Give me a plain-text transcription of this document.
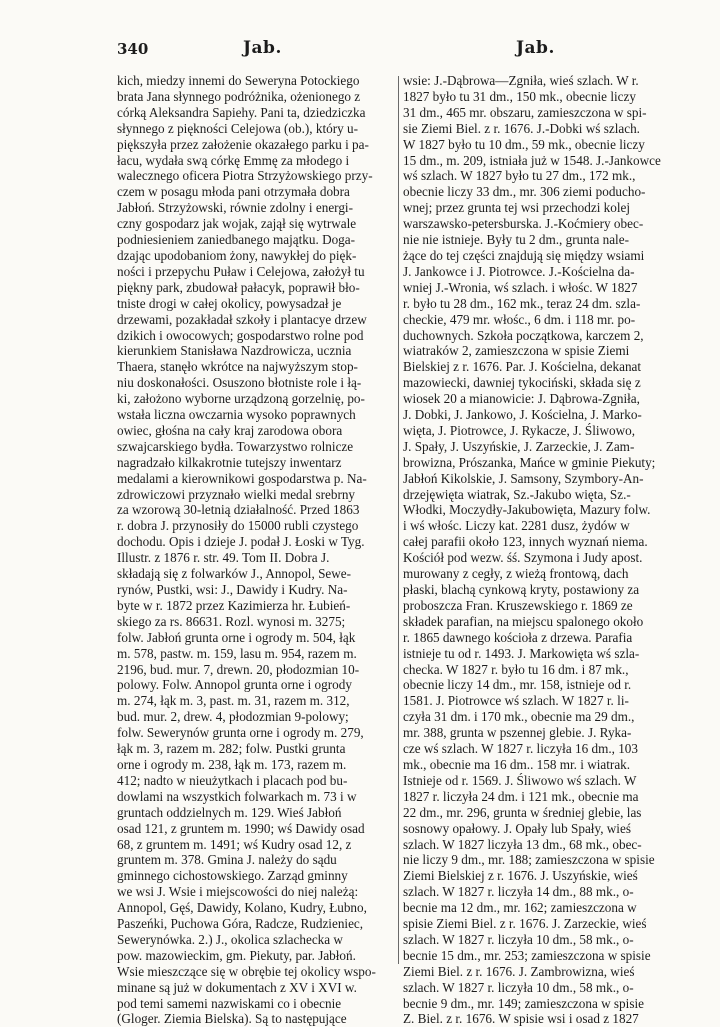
340	Jab.	Jab.
kich, miedzy innemi do Seweryna Potockiego
brata Jana słynnego podróżnika, ożenionego z
córką Aleksandra Sapiehy. Pani ta, dziedziczka
słynnego z piękności Celejowa (ob.), który u-
piększyła przez założenie okazałego parku i pa-
łacu, wydała swą córkę Emmę za młodego i
walecznego oficera Piotra Strzyżowskiego przy-
czem w posagu młoda pani otrzymała dobra
Jabłoń. Strzyżowski, równie zdolny i energi-
czny gospodarz jak wojak, zajął się wytrwale
podniesieniem zaniedbanego majątku. Doga-
dzając upodobaniom żony, nawykłej do pięk-
ności i przepychu Puław i Celejowa, założył tu
piękny park, zbudował pałacyk, poprawił bło-
tniste drogi w całej okolicy, powysadzał je
drzewami, pozakładał szkoły i plantacye drzew
dzikich i owocowych; gospodarstwo rolne pod
kierunkiem Stanisława Nazdrowicza, ucznia
Thaera, stanęło wkrótce na najwyższym stop-
niu doskonałości. Osuszono błotniste role i łą-
ki, założono wyborne urządzoną gorzelnię, po-
wstała liczna owczarnia wysoko poprawnych
owiec, głośna na cały kraj zarodowa obora
szwajcarskiego bydła. Towarzystwo rolnicze
nagradzało kilkakrotnie tutejszy inwentarz
medalami a kierownikowi gospodarstwa p. Na-
zdrowiczowi przyznało wielki medal srebrny
za wzorową 30-letnią działalność. Przed 1863
r. dobra J. przynosiły do 15000 rubli czystego
dochodu. Opis i dzieje J. podał J. Łoski w Tyg.
Illustr. z 1876 r. str. 49. Tom II. Dobra J.
składają się z folwarków J., Annopol, Sewe-
rynów, Pustki, wsi: J., Dawidy i Kudry. Na-
byte w r. 1872 przez Kazimierza hr. Łubień-
skiego za rs. 86631. Rozl. wynosi m. 3275;
folw. Jabłoń grunta orne i ogrody m. 504, łąk
m. 578, pastw. m. 159, lasu m. 954, razem m.
2196, bud. mur. 7, drewn. 20, płodozmian 10-
polowy. Folw. Annopol grunta orne i ogrody
m. 274, łąk m. 3, past. m. 31, razem m. 312,
bud. mur. 2, drew. 4, płodozmian 9-polowy;
folw. Sewerynów grunta orne i ogrody m. 279,
łąk m. 3, razem m. 282; folw. Pustki grunta
orne i ogrody m. 238, łąk m. 173, razem m.
412; nadto w nieużytkach i placach pod bu-
dowlami na wszystkich folwarkach m. 73 i w
gruntach oddzielnych m. 129. Wieś Jabłoń
osad 121, z gruntem m. 1990; wś Dawidy osad
68, z gruntem m. 1491; wś Kudry osad 12, z
gruntem m. 378. Gmina J. należy do sądu
gminnego cichostowskiego. Zarząd gminny
we wsi J. Wsie i miejscowości do niej należą:
Annopol, Gęś, Dawidy, Kolano, Kudry, Łubno,
Paszeńki, Puchowa Góra, Radcze, Rudzieniec,
Sewerynówka. 2.) J., okolica szlachecka w
pow. mazowieckim, gm. Piekuty, par. Jabłoń.
Wsie mieszczące się w obrębie tej okolicy wspo-
minane są już w dokumentach z XV i XVI w.
pod temi samemi nazwiskami co i obecnie
(Gloger. Ziemia Bielska). Są to następujące
wsie: J.-Dąbrowa—Zgniła, wieś szlach. W r.
1827 było tu 31 dm., 150 mk., obecnie liczy
31 dm., 465 mr. obszaru, zamieszczona w spi-
sie Ziemi Biel. z r. 1676. J.-Dobki wś szlach.
W 1827 było tu 10 dm., 59 mk., obecnie liczy
15 dm., m. 209, istniała już w 1548. J.-Jankowce
wś szlach. W 1827 było tu 27 dm., 172 mk.,
obecnie liczy 33 dm., mr. 306 ziemi poducho-
wnej; przez grunta tej wsi przechodzi kolej
warszawsko-petersburska. J.-Koćmiery obec-
nie nie istnieje. Były tu 2 dm., grunta nale-
żące do tej części znajdują się między wsiami
J. Jankowce i J. Piotrowce. J.-Kościelna da-
wniej J.-Wronia, wś szlach. i włośc. W 1827
r. było tu 28 dm., 162 mk., teraz 24 dm. szla-
checkie, 479 mr. włośc., 6 dm. i 118 mr. po-
duchownych. Szkoła początkowa, karczem 2,
wiatraków 2, zamieszczona w spisie Ziemi
Bielskiej z r. 1676. Par. J. Kościelna, dekanat
mazowiecki, dawniej tykociński, składa się z
wiosek 20 a mianowicie: J. Dąbrowa-Zgniła,
J. Dobki, J. Jankowo, J. Kościelna, J. Marko-
więta, J. Piotrowce, J. Rykacze, J. Śliwowo,
J. Spały, J. Uszyńskie, J. Zarzeckie, J. Zam-
browizna, Prószanka, Mańce w gminie Piekuty;
Jabłoń Kikolskie, J. Samsony, Szymbory-An-
drzejęwięta wiatrak, Sz.-Jakubo więta, Sz.-
Włodki, Moczydły-Jakubowięta, Mazury folw.
i wś włośc. Liczy kat. 2281 dusz, żydów w
całej parafii około 123, innych wyznań niema.
Kościół pod wezw. śś. Szymona i Judy apost.
murowany z cegły, z wieżą frontową, dach
płaski, blachą cynkową kryty, postawiony za
proboszcza Fran. Kruszewskiego r. 1869 ze
składek parafian, na miejscu spalonego około
r. 1865 dawnego kościoła z drzewa. Parafia
istnieje tu od r. 1493. J. Markowięta wś szla-
checka. W 1827 r. było tu 16 dm. i 87 mk.,
obecnie liczy 14 dm., mr. 158, istnieje od r.
1581. J. Piotrowce wś szlach. W 1827 r. li-
czyła 31 dm. i 170 mk., obecnie ma 29 dm.,
mr. 388, grunta w pszennej glebie. J. Ryka-
cze wś szlach. W 1827 r. liczyła 16 dm., 103
mk., obecnie ma 16 dm.. 158 mr. i wiatrak.
Istnieje od r. 1569. J. Śliwowo wś szlach. W
1827 r. liczyła 24 dm. i 121 mk., obecnie ma
22 dm., mr. 296, grunta w średniej glebie, las
sosnowy opałowy. J. Opały lub Spały, wieś
szlach. W 1827 liczyła 13 dm., 68 mk., obec-
nie liczy 9 dm., mr. 188; zamieszczona w spisie
Ziemi Bielskiej z r. 1676. J. Uszyńskie, wieś
szlach. W 1827 r. liczyła 14 dm., 88 mk., o-
becnie ma 12 dm., mr. 162; zamieszczona w
spisie Ziemi Biel. z r. 1676. J. Zarzeckie, wieś
szlach. W 1827 r. liczyła 10 dm., 58 mk., o-
becnie 15 dm., mr. 253; zamieszczona w spisie
Ziemi Biel. z r. 1676. J. Zambrowizna, wieś
szlach. W 1827 r. liczyła 10 dm., 58 mk., o-
becnie 9 dm., mr. 149; zamieszczona w spisie
Z. Biel. z r. 1676. W spisie wsi i osad z 1827
